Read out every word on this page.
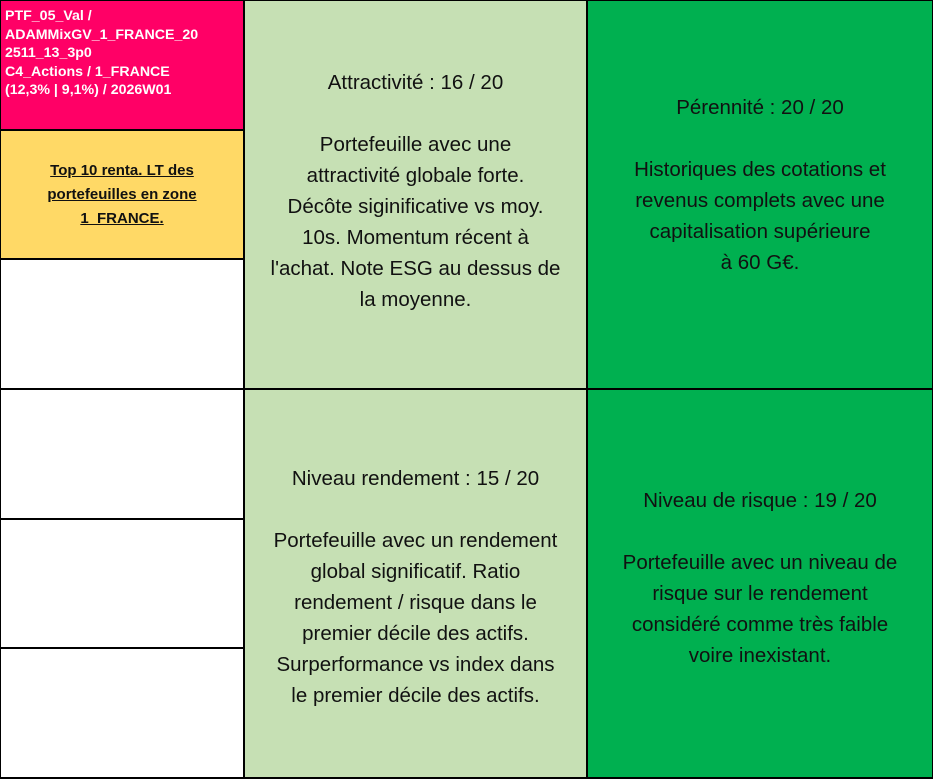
PTF_05_Val /
ADAMMixGV_1_FRANCE_20
2511_13_3p0
C4_Actions / 1_FRANCE
(12,3% | 9,1%) / 2026W01
Top 10 renta. LT des
portefeuilles en zone
1_FRANCE.
Attractivité : 16 / 20
Portefeuille avec une
attractivité globale forte.
Décôte siginificative vs moy.
10s. Momentum récent à
l'achat. Note ESG au dessus de
la moyenne.
Pérennité : 20 / 20
Historiques des cotations et
revenus complets avec une
capitalisation supérieure
à 60 G€.
Niveau rendement : 15 / 20
Portefeuille avec un rendement
global significatif. Ratio
rendement / risque dans le
premier décile des actifs.
Surperformance vs index dans
le premier décile des actifs.
Niveau de risque : 19 / 20
Portefeuille avec un niveau de
risque sur le rendement
considéré comme très faible
voire inexistant.
